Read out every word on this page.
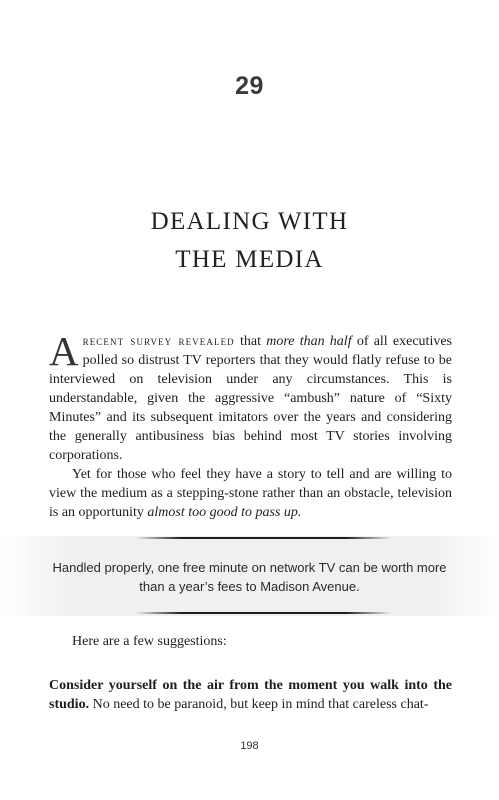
29
DEALING WITH
THE MEDIA

Arecent survey revealed that more than half of all executives polled so distrust TV reporters that they would flatly refuse to be interviewed on television under any circumstances. This is understandable, given the aggressive “ambush” nature of “Sixty Minutes” and its subsequent imitators over the years and considering the generally antibusiness bias behind most TV stories involving corporations.

Yet for those who feel they have a story to tell and are willing to view the medium as a stepping-stone rather than an obstacle, television is an opportunity almost too good to pass up.

Handled properly, one free minute on network TV can be worth more
than a year’s fees to Madison Avenue.

Here are a few suggestions:

Consider yourself on the air from the moment you walk into the studio. No need to be paranoid, but keep in mind that careless chat-

198
